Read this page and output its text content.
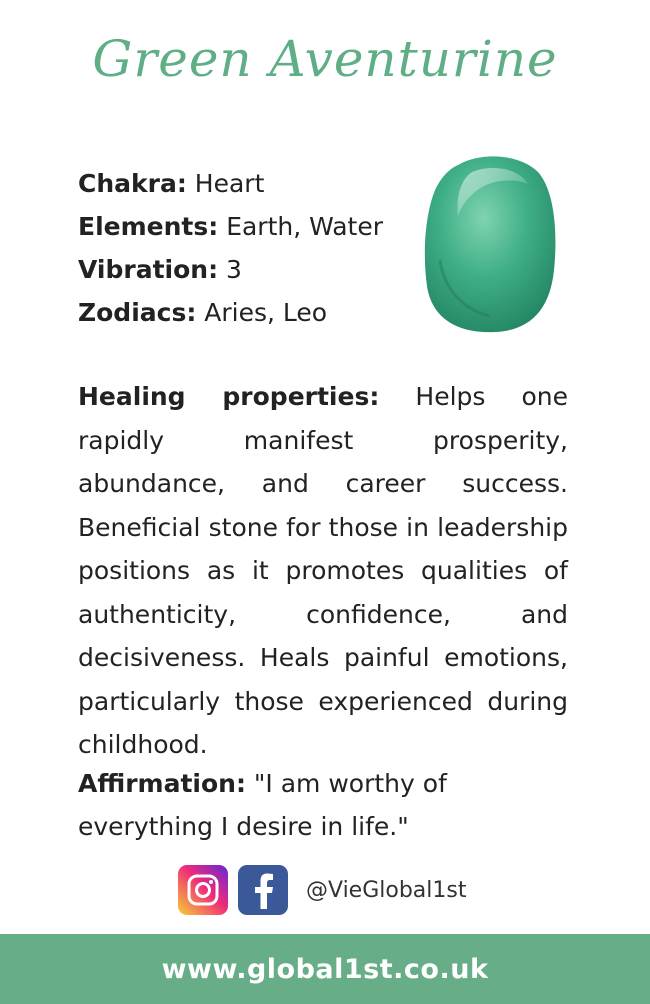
Green Aventurine
Chakra: Heart
Elements: Earth, Water
Vibration: 3
Zodiacs: Aries, Leo
Healing properties: Helps one rapidly manifest prosperity, abundance, and career success. Beneficial stone for those in leadership positions as it promotes qualities of authenticity, confidence, and decisiveness. Heals painful emotions, particularly those experienced during childhood.
Affirmation: "I am worthy of everything I desire in life."
@VieGlobal1st
www.global1st.co.uk
